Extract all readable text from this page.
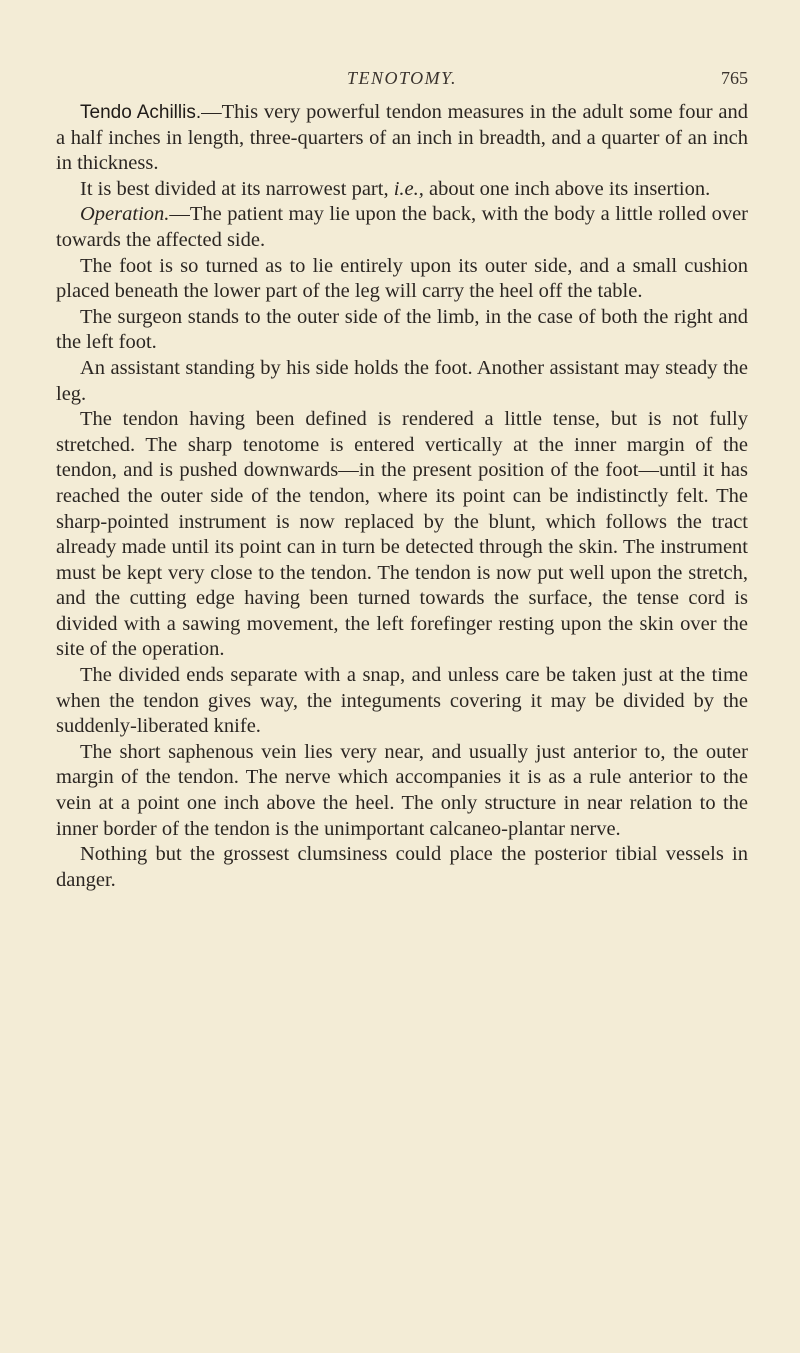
TENOTOMY.	765

Tendo Achillis.—This very powerful tendon measures in the adult some four and a half inches in length, three-quarters of an inch in breadth, and a quarter of an inch in thickness.

It is best divided at its narrowest part, i.e., about one inch above its insertion.

Operation.—The patient may lie upon the back, with the body a little rolled over towards the affected side.

The foot is so turned as to lie entirely upon its outer side, and a small cushion placed beneath the lower part of the leg will carry the heel off the table.

The surgeon stands to the outer side of the limb, in the case of both the right and the left foot.

An assistant standing by his side holds the foot. Another assistant may steady the leg.

The tendon having been defined is rendered a little tense, but is not fully stretched. The sharp tenotome is entered vertically at the inner margin of the tendon, and is pushed downwards—in the present position of the foot—until it has reached the outer side of the tendon, where its point can be indistinctly felt. The sharp-pointed instrument is now replaced by the blunt, which follows the tract already made until its point can in turn be detected through the skin. The instrument must be kept very close to the tendon. The tendon is now put well upon the stretch, and the cutting edge having been turned towards the surface, the tense cord is divided with a sawing movement, the left forefinger resting upon the skin over the site of the operation.

The divided ends separate with a snap, and unless care be taken just at the time when the tendon gives way, the integuments covering it may be divided by the suddenly-liberated knife.

The short saphenous vein lies very near, and usually just anterior to, the outer margin of the tendon. The nerve which accompanies it is as a rule anterior to the vein at a point one inch above the heel. The only structure in near relation to the inner border of the tendon is the unimportant calcaneo-plantar nerve.

Nothing but the grossest clumsiness could place the posterior tibial vessels in danger.
